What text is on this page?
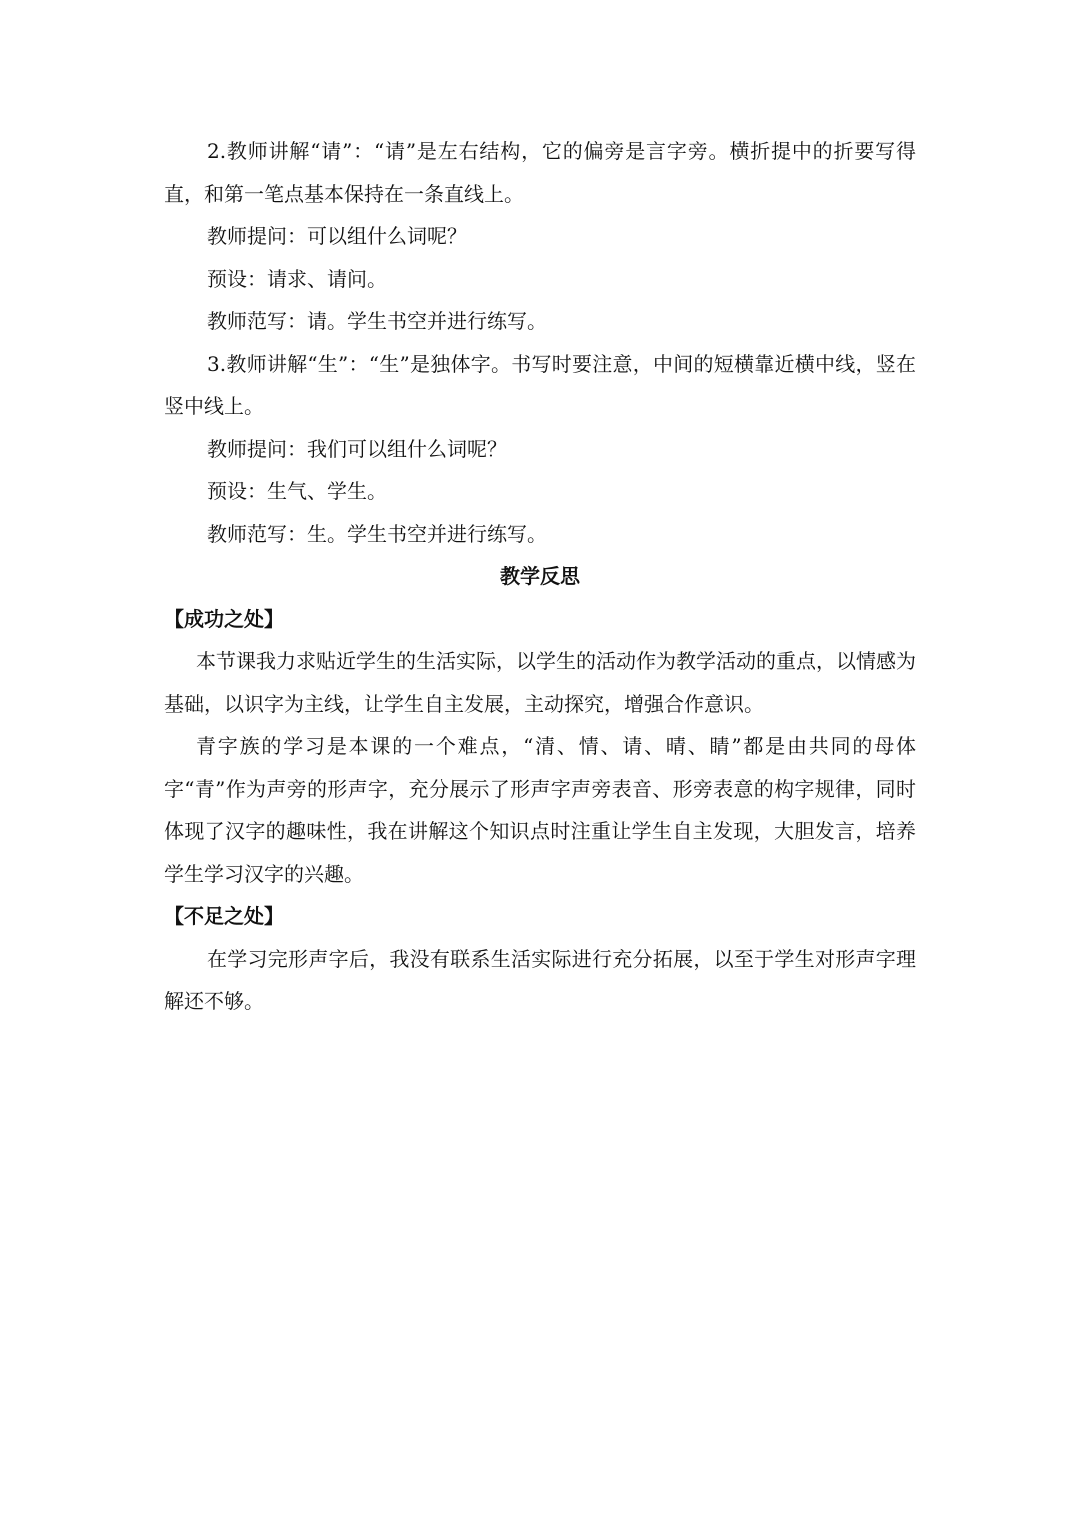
2.教师讲解“请”：“请”是左右结构，它的偏旁是言字旁。横折提中的折要写得直，和第一笔点基本保持在一条直线上。

教师提问：可以组什么词呢？

预设：请求、请问。

教师范写：请。学生书空并进行练写。

3.教师讲解“生”：“生”是独体字。书写时要注意，中间的短横靠近横中线，竖在竖中线上。

教师提问：我们可以组什么词呢？

预设：生气、学生。

教师范写：生。学生书空并进行练写。

教学反思

【成功之处】

本节课我力求贴近学生的生活实际，以学生的活动作为教学活动的重点，以情感为基础，以识字为主线，让学生自主发展，主动探究，增强合作意识。

青字族的学习是本课的一个难点，“清、情、请、晴、睛”都是由共同的母体字“青”作为声旁的形声字，充分展示了形声字声旁表音、形旁表意的构字规律，同时体现了汉字的趣味性，我在讲解这个知识点时注重让学生自主发现，大胆发言，培养学生学习汉字的兴趣。

【不足之处】

在学习完形声字后，我没有联系生活实际进行充分拓展，以至于学生对形声字理解还不够。
